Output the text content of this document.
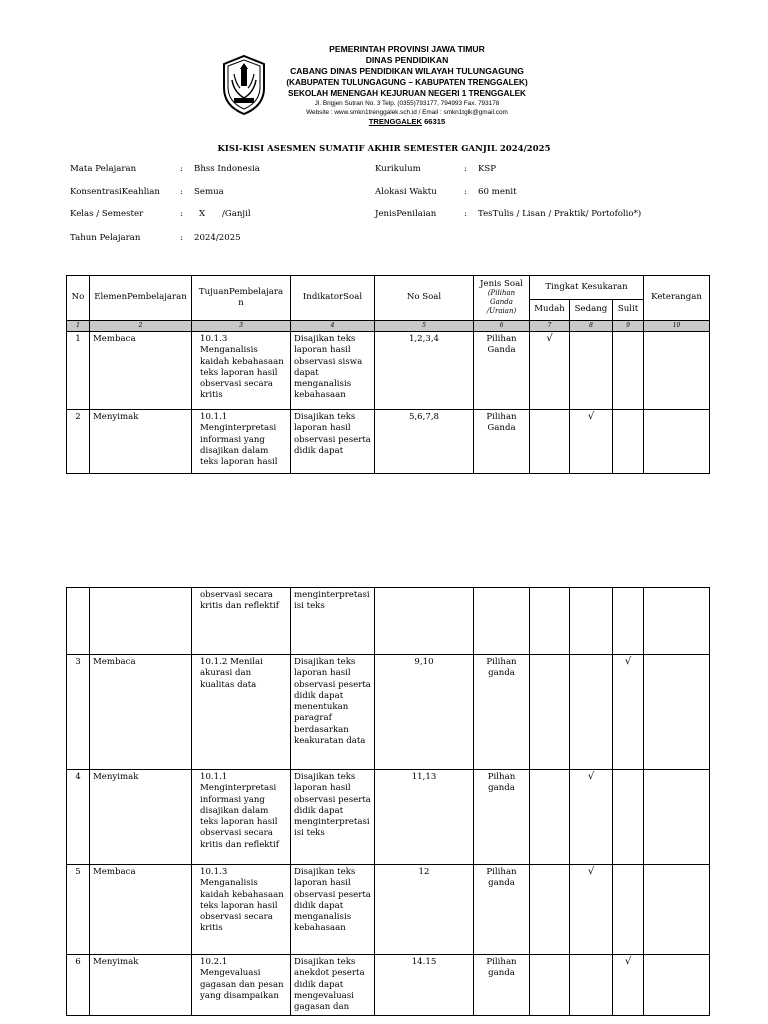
PEMERINTAH PROVINSI JAWA TIMUR
DINAS PENDIDIKAN
CABANG DINAS PENDIDIKAN WILAYAH TULUNGAGUNG
(KABUPATEN TULUNGAGUNG – KABUPATEN TRENGGALEK)
SEKOLAH MENENGAH KEJURUAN NEGERI 1 TRENGGALEK
Jl. Brigjen Sutran No. 3 Telp. (0355)793177, 794993 Fax. 793178
Website : www.smkn1trenggalek.sch.id / Email : smkn1tglk@gmail.com
TRENGGALEK 66315
KISI-KISI ASESMEN SUMATIF AKHIR SEMESTER GANJIL 2024/2025
Mata Pelajaran	: Bhss Indonesia
KonsentrasiKeahlian : Semua
Kelas / Semester	: X /Ganjil
Tahun Pelajaran	: 2024/2025
Kurikulum	: KSP
Alokasi Waktu	: 60 menit
JenisPenilaian	: TesTulis / Lisan / Praktik/ Portofolio*)
No	ElemenPembelajaran	TujuanPembelajara n	IndikatorSoal	No Soal	Jenis Soal
(Pilihan Ganda /Uraian)	Tingkat Kesukaran			Keterangan
						Mudah	Sedang	Sulit	
1	2	3	4	5	6	7	8	9	10
1	Membaca	10.1.3 Menganalisis kaidah kebahasaan teks laporan hasil observasi secara kritis	Disajikan teks laporan hasil observasi siswa dapat menganalisis kebahasaan	1,2,3,4	Pilihan Ganda	√			
2	Menyimak	10.1.1 Menginterpretasi informasi yang disajikan dalam teks laporan hasil	Disajikan teks laporan hasil observasi peserta didik dapat	5,6,7,8	Pilihan Ganda		√		
		observasi secara kritis dan reflektif	menginterpretasi isi teks						
3	Membaca	10.1.2 Menilai akurasi dan kualitas data	Disajikan teks laporan hasil observasi peserta didik dapat menentukan paragraf berdasarkan keakuratan data	9,10	Pilihan ganda			√	
4	Menyimak	10.1.1 Menginterpretasi informasi yang disajikan dalam teks laporan hasil observasi secara kritis dan reflektif	Disajikan teks laporan hasil observasi peserta didik dapat menginterpretasi isi teks	11,13	Pilhan ganda		√		
5	Membaca	10.1.3 Menganalisis kaidah kebahasaan teks laporan hasil observasi secara kritis	Disajikan teks laporan hasil observasi peserta didik dapat menganalisis kebahasaan	12	Pilihan ganda		√		
6	Menyimak	10.2.1 Mengevaluasi gagasan dan pesan yang disampaikan	Disajikan teks anekdot peserta didik dapat mengevaluasi gagasan dan	14.15	Pilihan ganda			√	
